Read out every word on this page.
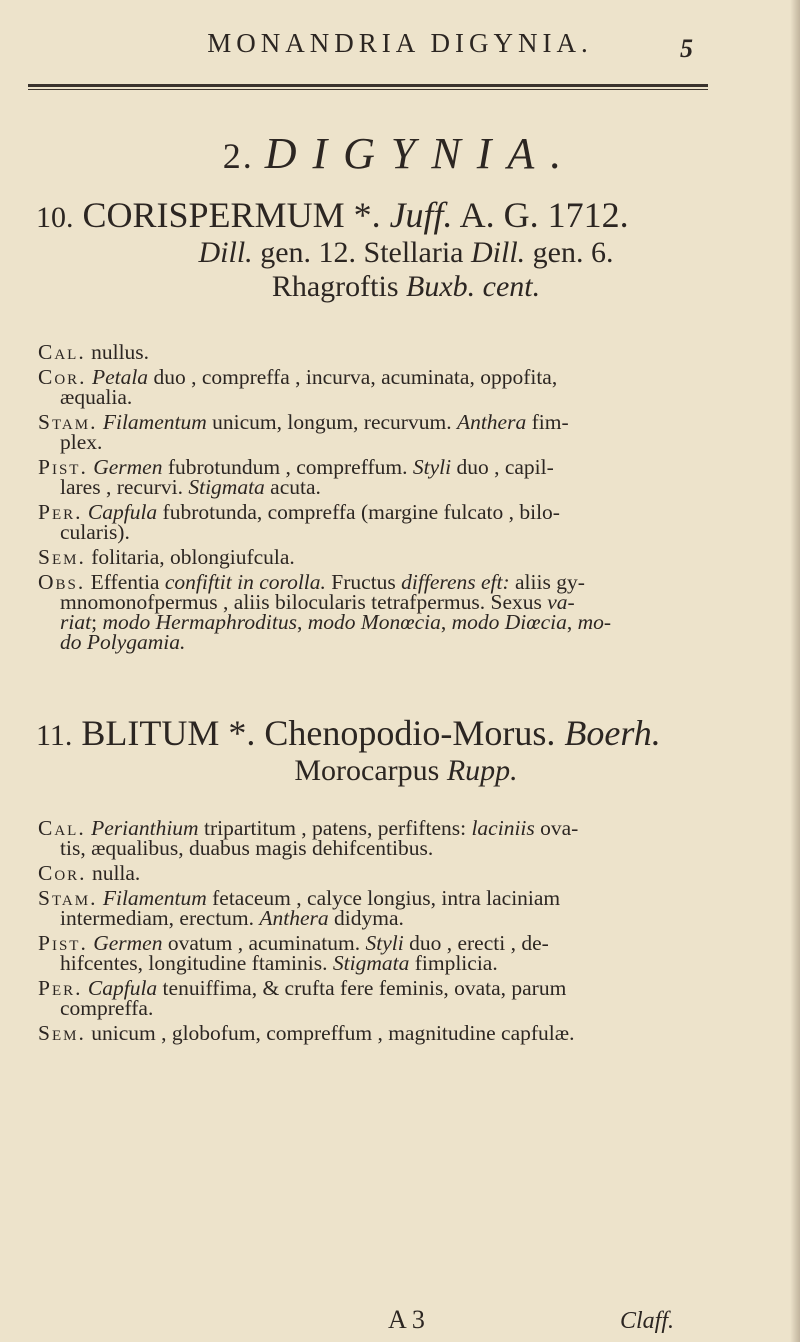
MONANDRIA DIGYNIA.	5
2. DIGYNIA.
10. CORISPERMUM *. Juff. A. G. 1712.
Dill. gen. 12. Stellaria Dill. gen. 6.
Rhagroftis Buxb. cent.
Cal. nullus.
Cor. Petala duo , compreffa , incurva, acuminata, oppofita,
æqualia.
Stam. Filamentum unicum, longum, recurvum. Anthera fim-
plex.
Pist. Germen fubrotundum , compreffum. Styli duo , capil-
lares , recurvi. Stigmata acuta.
Per. Capfula fubrotunda, compreffa (margine fulcato , bilo-
cularis).
Sem. folitaria, oblongiufcula.
Obs. Effentia confiftit in corolla. Fructus differens eft: aliis gy-
mnomonofpermus , aliis bilocularis tetrafpermus. Sexus va-
riat; modo Hermaphroditus, modo Monœcia, modo Diœcia, mo-
do Polygamia.
11. BLITUM *. Chenopodio-Morus. Boerh.
Morocarpus Rupp.
Cal. Perianthium tripartitum , patens, perfiftens: laciniis ova-
tis, æqualibus, duabus magis dehifcentibus.
Cor. nulla.
Stam. Filamentum fetaceum , calyce longius, intra laciniam
intermediam, erectum. Anthera didyma.
Pist. Germen ovatum , acuminatum. Styli duo , erecti , de-
hifcentes, longitudine ftaminis. Stigmata fimplicia.
Per. Capfula tenuiffima, & crufta fere feminis, ovata, parum
compreffa.
Sem. unicum , globofum, compreffum , magnitudine capfulæ.
A 3	Claff.
